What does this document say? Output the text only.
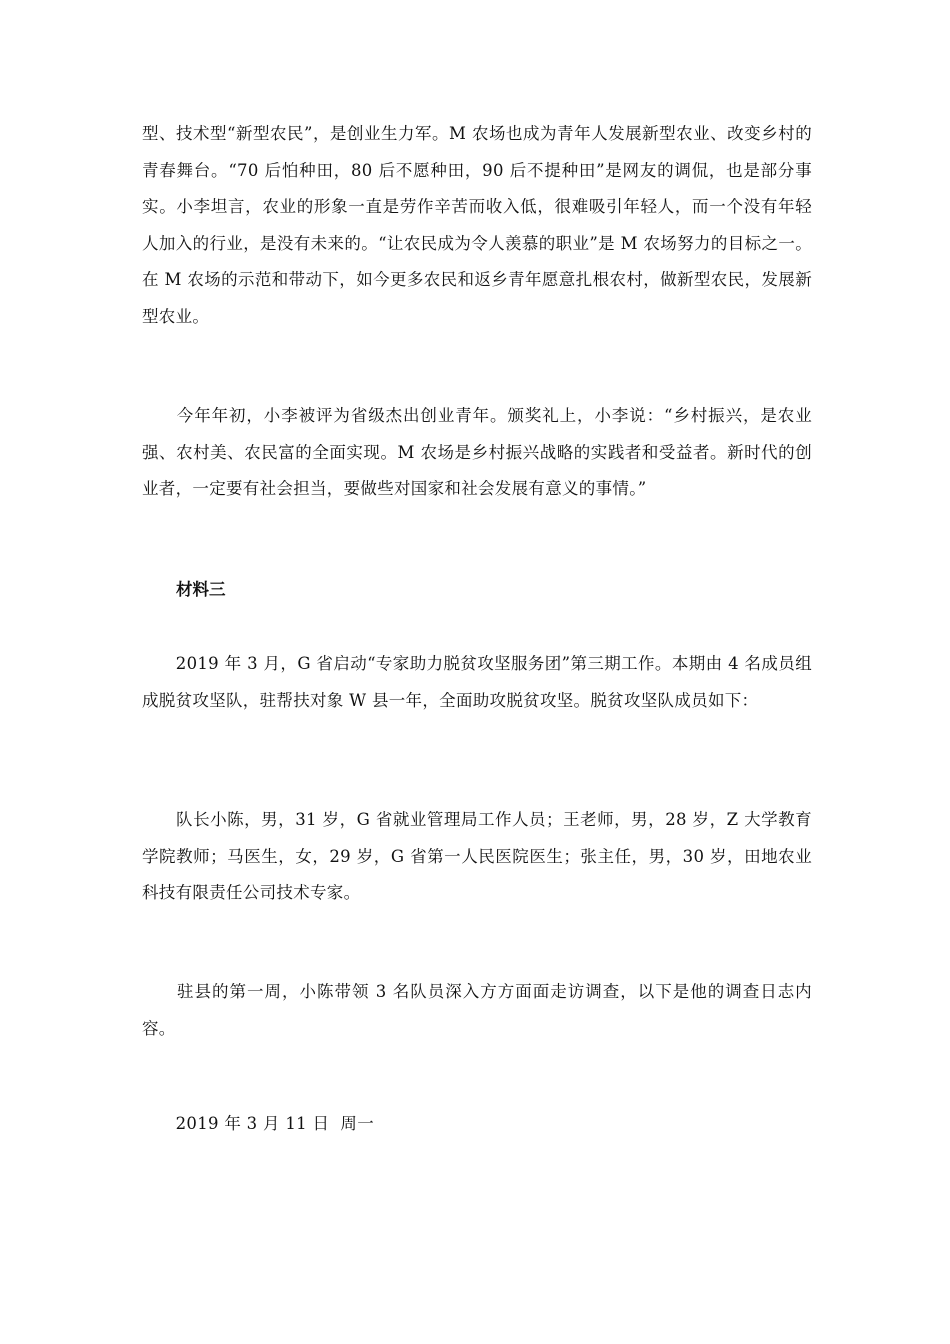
型、技术型“新型农民”，是创业生力军。M 农场也成为青年人发展新型农业、改变乡村的青春舞台。“70 后怕种田，80 后不愿种田，90 后不提种田”是网友的调侃，也是部分事实。小李坦言，农业的形象一直是劳作辛苦而收入低，很难吸引年轻人，而一个没有年轻人加入的行业，是没有未来的。“让农民成为令人羡慕的职业”是 M 农场努力的目标之一。在 M 农场的示范和带动下，如今更多农民和返乡青年愿意扎根农村，做新型农民，发展新型农业。

　　今年年初，小李被评为省级杰出创业青年。颁奖礼上，小李说：“乡村振兴，是农业强、农村美、农民富的全面实现。M 农场是乡村振兴战略的实践者和受益者。新时代的创业者，一定要有社会担当，要做些对国家和社会发展有意义的事情。”

材料三

　　2019 年 3 月，G 省启动“专家助力脱贫攻坚服务团”第三期工作。本期由 4 名成员组成脱贫攻坚队，驻帮扶对象 W 县一年，全面助攻脱贫攻坚。脱贫攻坚队成员如下：

　　队长小陈，男，31 岁，G 省就业管理局工作人员；王老师，男，28 岁，Z 大学教育学院教师；马医生，女，29 岁，G 省第一人民医院医生；张主任，男，30 岁，田地农业科技有限责任公司技术专家。

　　驻县的第一周，小陈带领 3 名队员深入方方面面走访调查，以下是他的调查日志内容。

　　2019 年 3 月 11 日  周一
